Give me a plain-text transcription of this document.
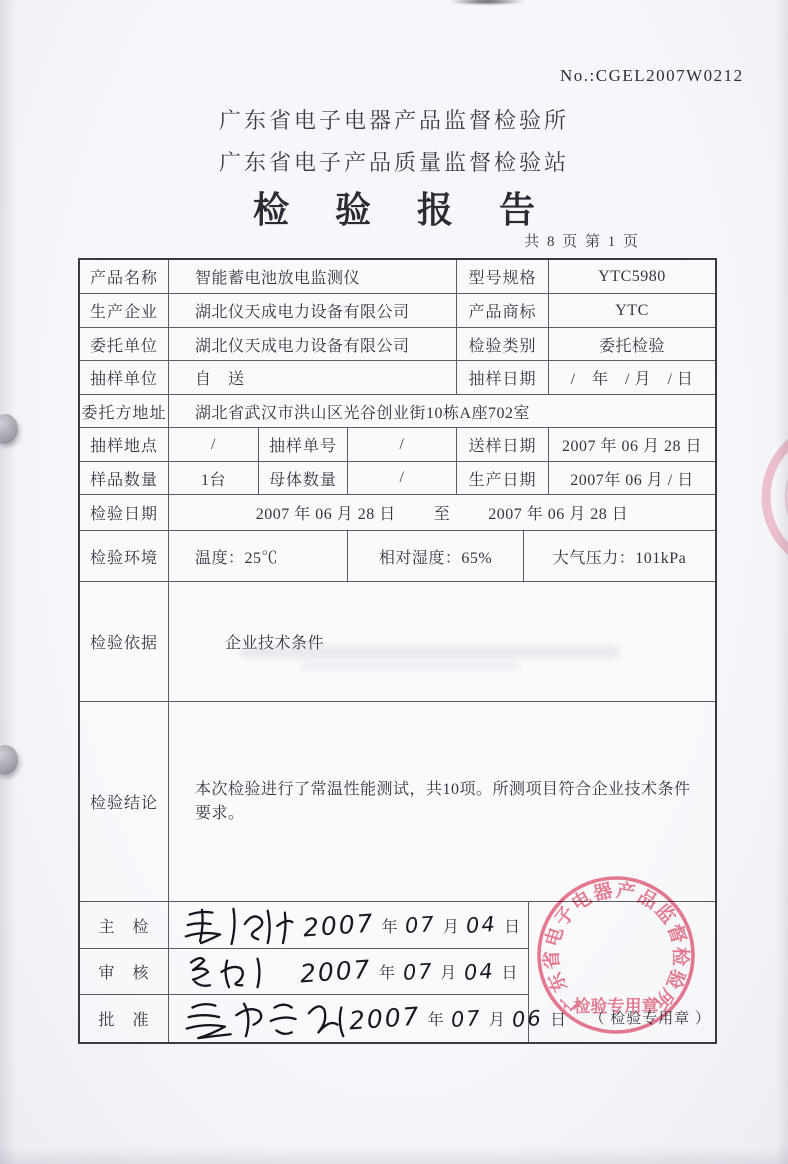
No.:CGEL2007W0212
广东省电子电器产品监督检验所
广东省电子产品质量监督检验站
检验报告
共 8 页 第 1 页
产品名称	智能蓄电池放电监测仪	型号规格	YTC5980
生产企业	湖北仪天成电力设备有限公司	产品商标	YTC
委托单位	湖北仪天成电力设备有限公司	检验类别	委托检验
抽样单位	自　送	抽样日期	/　年　/ 月　/ 日
委托方地址	湖北省武汉市洪山区光谷创业街10栋A座702室
抽样地点	/	抽样单号	/	送样日期	2007 年 06 月 28 日
样品数量	1台	母体数量	/	生产日期	2007年 06 月 / 日
检验日期	2007 年 06 月 28 日 至 2007 年 06 月 28 日
检验环境	温度：25℃	相对湿度：65%	大气压力：101kPa
检验依据	企业技术条件
检验结论
本次检验进行了常温性能测试，共10项。所测项目符合企业技术条件要求。
主　检	2007 年 07 月 04 日
审　核	2007 年 07 月 04 日
批　准	2007 年 07 月 06 日	（ 检验专用章 ）
广东省电子电器产品监督检验所
检验专用章
